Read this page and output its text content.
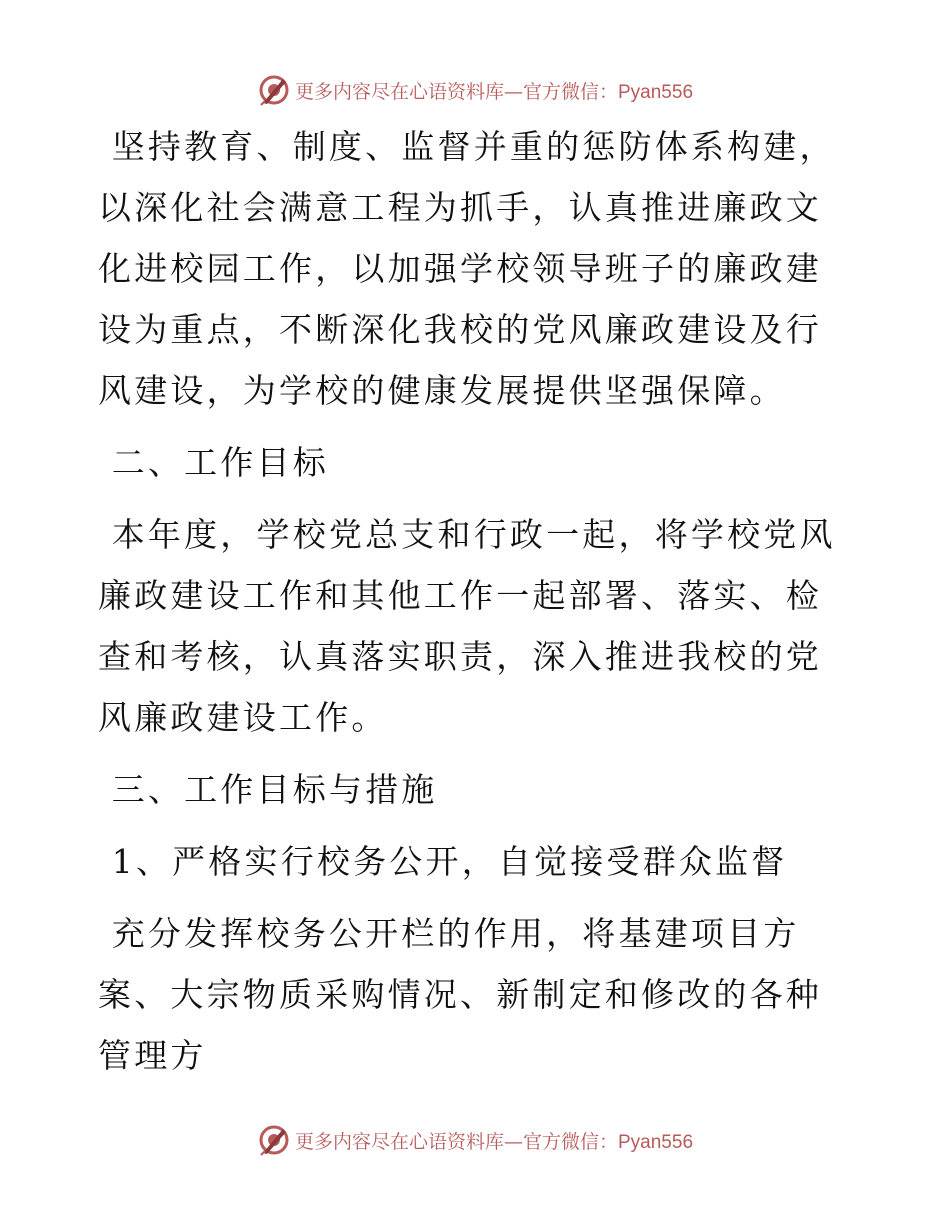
更多内容尽在心语资料库—官方微信：Pyan556

坚持教育、制度、监督并重的惩防体系构建，以深化社会满意工程为抓手，认真推进廉政文化进校园工作，以加强学校领导班子的廉政建设为重点，不断深化我校的党风廉政建设及行风建设，为学校的健康发展提供坚强保障。

二、工作目标

本年度，学校党总支和行政一起，将学校党风廉政建设工作和其他工作一起部署、落实、检查和考核，认真落实职责，深入推进我校的党风廉政建设工作。

三、工作目标与措施

1、严格实行校务公开，自觉接受群众监督

充分发挥校务公开栏的作用，将基建项目方案、大宗物质采购情况、新制定和修改的各种管理方

更多内容尽在心语资料库—官方微信：Pyan556
